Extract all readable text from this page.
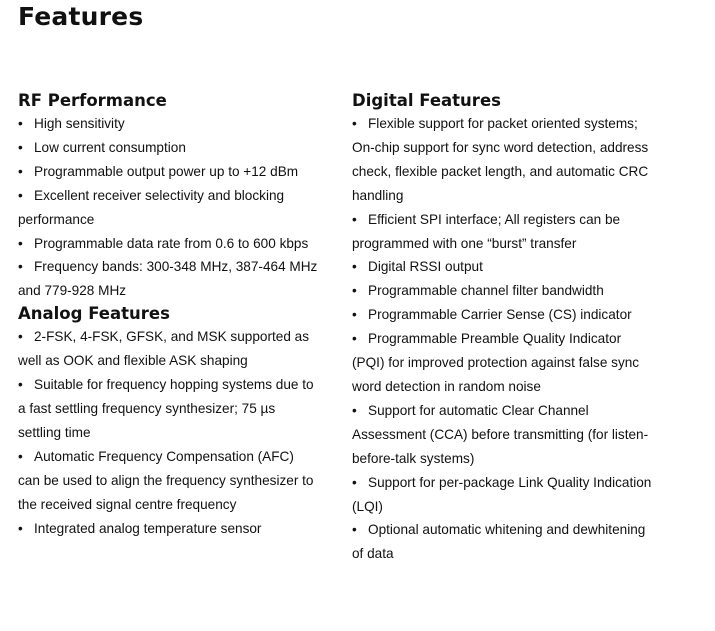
Features
RF Performance
• High sensitivity
• Low current consumption
• Programmable output power up to +12 dBm
• Excellent receiver selectivity and blocking performance
• Programmable data rate from 0.6 to 600 kbps
• Frequency bands: 300-348 MHz, 387-464 MHz and 779-928 MHz
Analog Features
• 2-FSK, 4-FSK, GFSK, and MSK supported as well as OOK and flexible ASK shaping
• Suitable for frequency hopping systems due to a fast settling frequency synthesizer; 75 µs settling time
• Automatic Frequency Compensation (AFC) can be used to align the frequency synthesizer to the received signal centre frequency
• Integrated analog temperature sensor
Digital Features
• Flexible support for packet oriented systems; On-chip support for sync word detection, address check, flexible packet length, and automatic CRC handling
• Efficient SPI interface; All registers can be programmed with one “burst” transfer
• Digital RSSI output
• Programmable channel filter bandwidth
• Programmable Carrier Sense (CS) indicator
• Programmable Preamble Quality Indicator (PQI) for improved protection against false sync word detection in random noise
• Support for automatic Clear Channel Assessment (CCA) before transmitting (for listen-before-talk systems)
• Support for per-package Link Quality Indication (LQI)
• Optional automatic whitening and dewhitening of data
